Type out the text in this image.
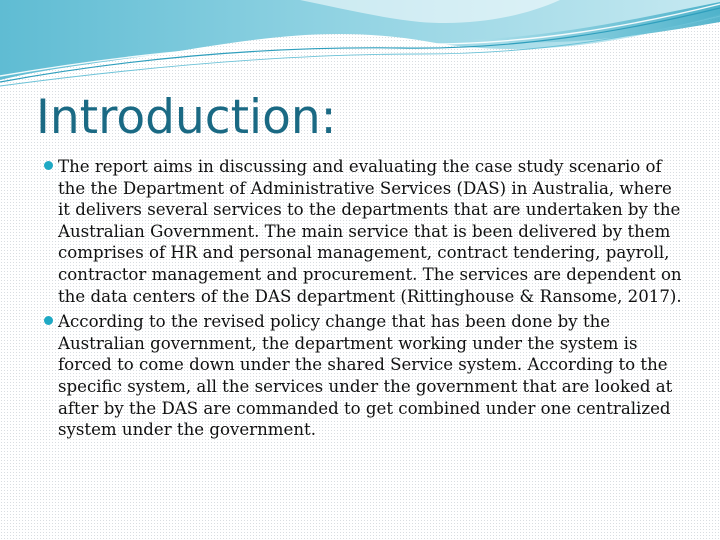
Introduction:
The report aims in discussing and evaluating the case study scenario of the the Department of Administrative Services (DAS) in Australia, where it delivers several services to the departments that are undertaken by the Australian Government. The main service that is been delivered by them comprises of HR and personal management, contract tendering, payroll, contractor management and procurement. The services are dependent on the data centers of the DAS department (Rittinghouse & Ransome, 2017).
According to the revised policy change that has been done by the Australian government, the department working under the system is forced to come down under the shared Service system. According to the specific system, all the services under the government that are looked at after by the DAS are commanded to get combined under one centralized system under the government.
